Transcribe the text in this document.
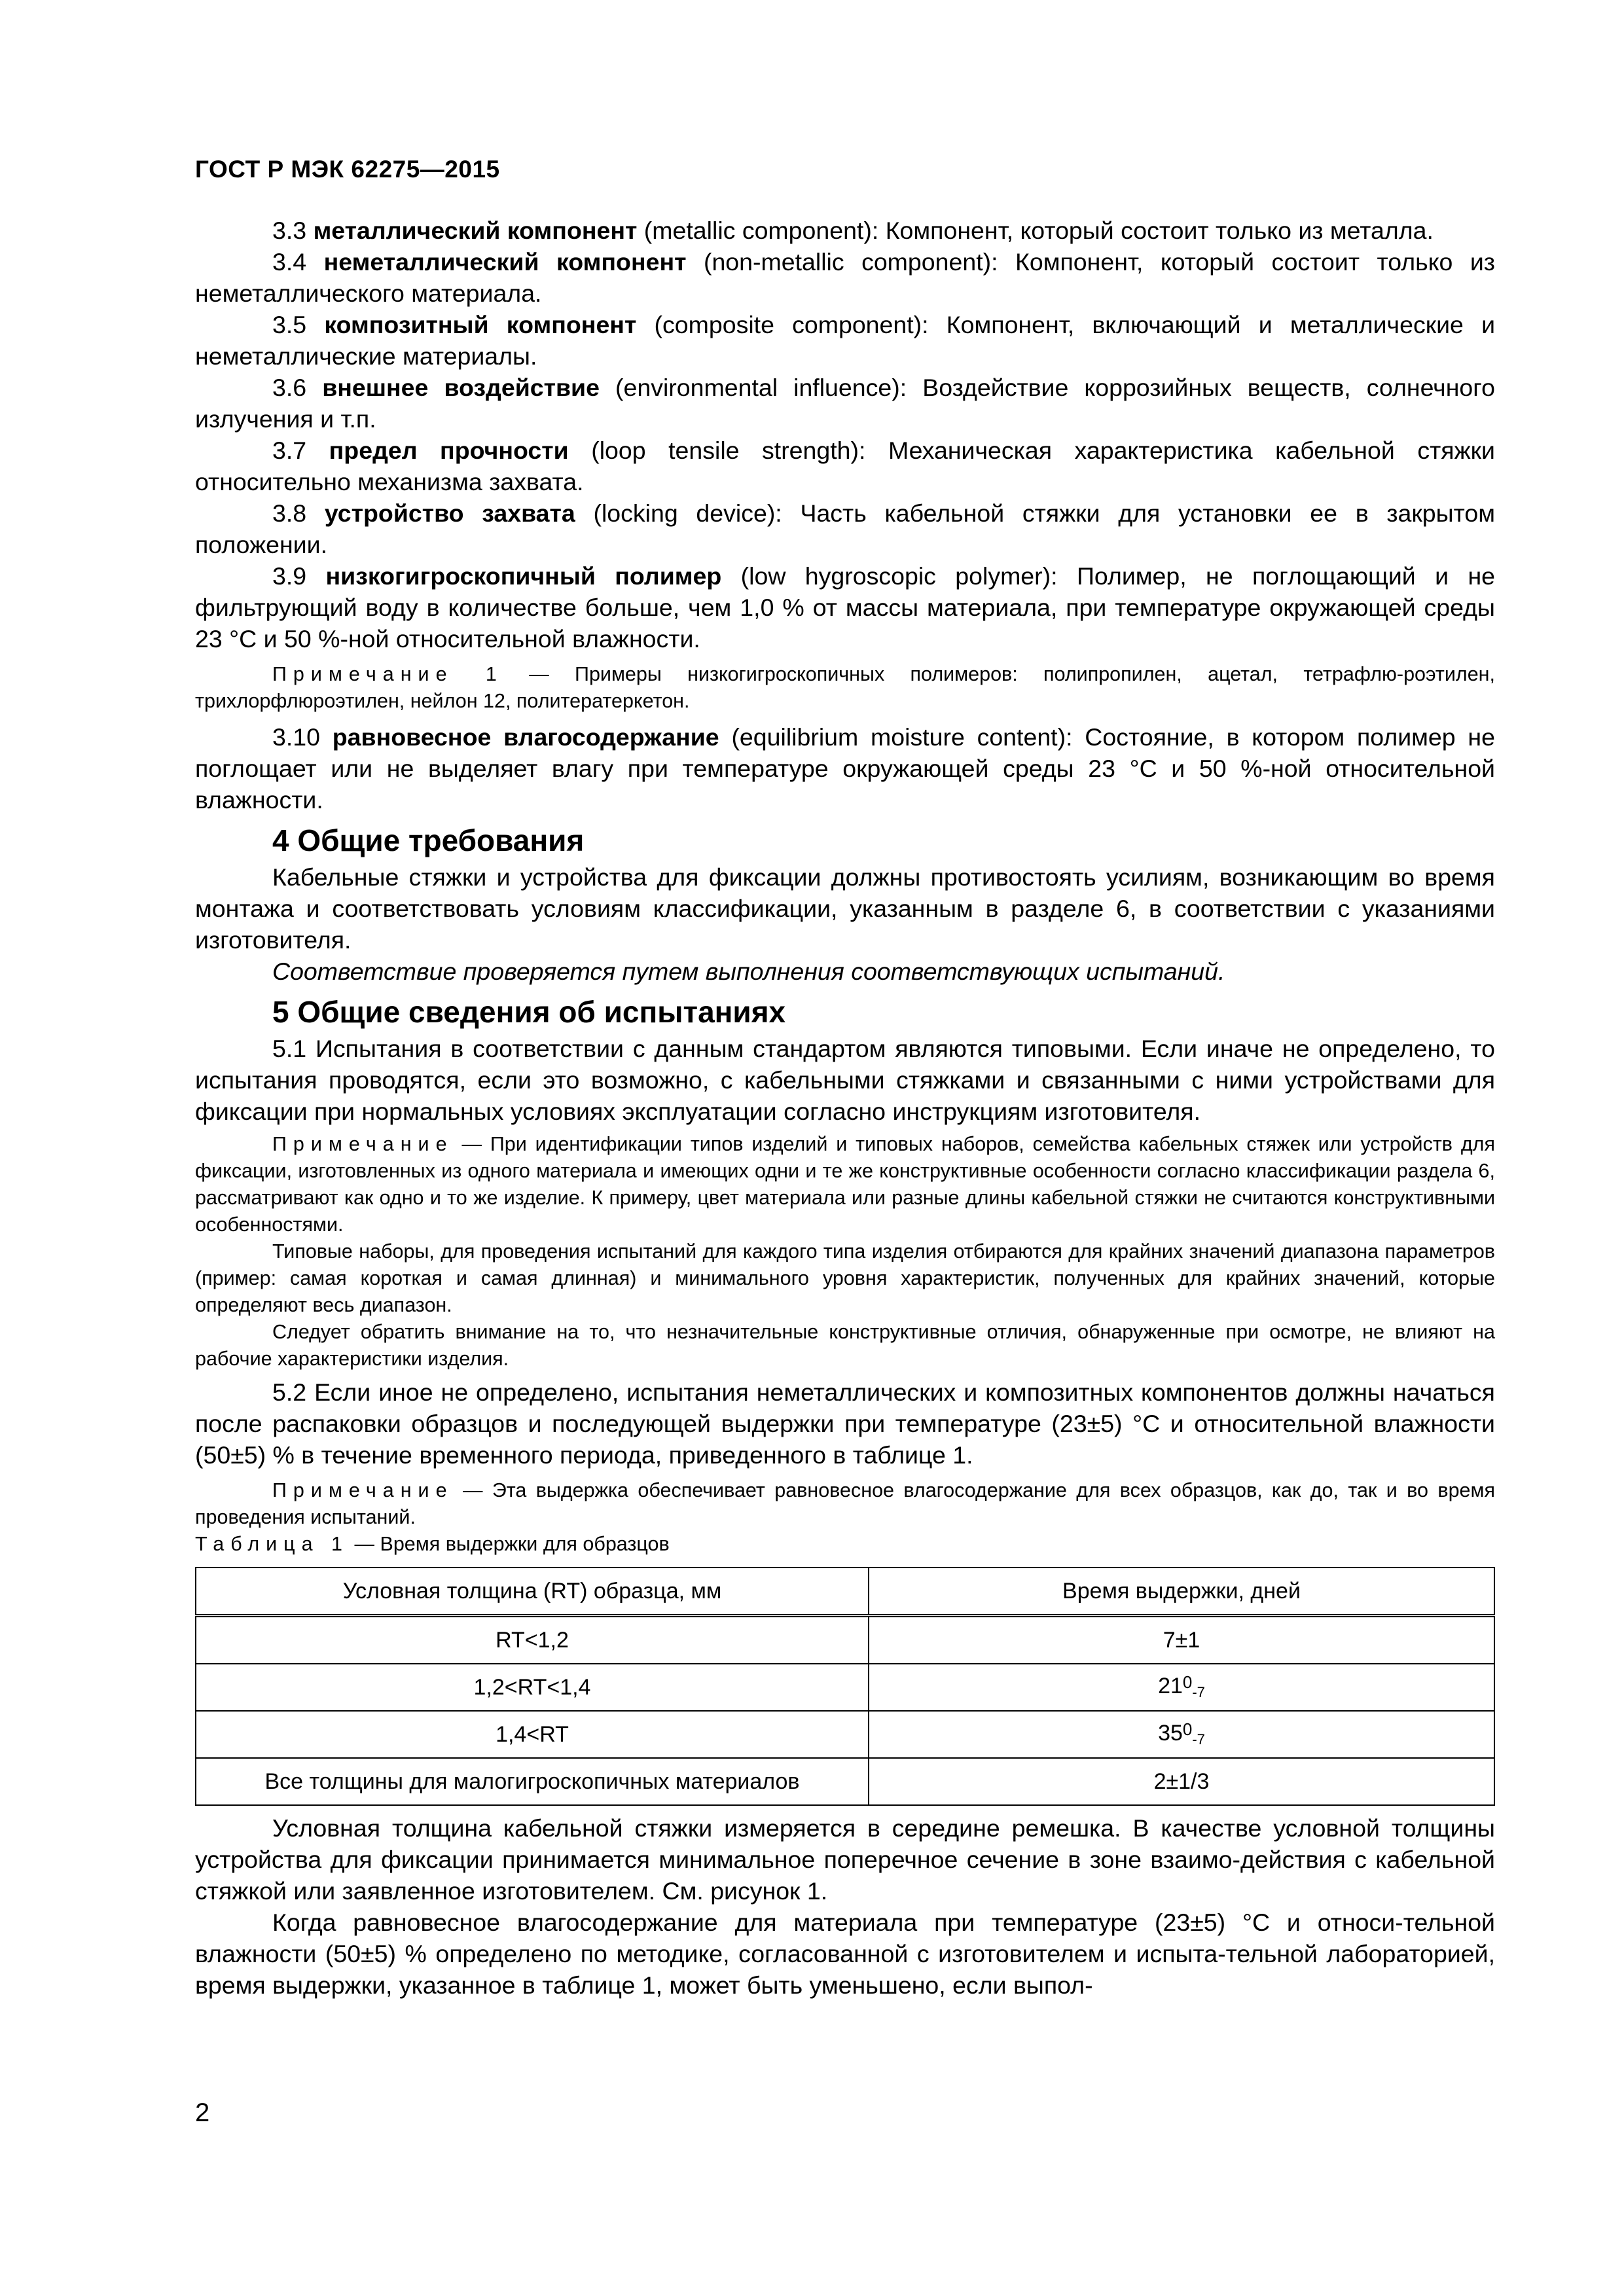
ГОСТ Р МЭК 62275—2015

3.3 металлический компонент (metallic component): Компонент, который состоит только из металла.

3.4 неметаллический компонент (non-metallic component): Компонент, который состоит только из неметаллического материала.

3.5 композитный компонент (composite component): Компонент, включающий и металлические и неметаллические материалы.

3.6 внешнее воздействие (environmental influence): Воздействие коррозийных веществ, солнечного излучения и т.п.

3.7 предел прочности (loop tensile strength): Механическая характеристика кабельной стяжки относительно механизма захвата.

3.8 устройство захвата (locking device): Часть кабельной стяжки для установки ее в закрытом положении.

3.9 низкогигроскопичный полимер (low hygroscopic polymer): Полимер, не поглощающий и не фильтрующий воду в количестве больше, чем 1,0 % от массы материала, при температуре окружающей среды 23 °C и 50 %-ной относительной влажности.

Примечание 1 — Примеры низкогигроскопичных полимеров: полипропилен, ацетал, тетрафлю-роэтилен, трихлорфлюроэтилен, нейлон 12, политератеркетон.

3.10 равновесное влагосодержание (equilibrium moisture content): Состояние, в котором полимер не поглощает или не выделяет влагу при температуре окружающей среды 23 °C и 50 %-ной относительной влажности.

4 Общие требования

Кабельные стяжки и устройства для фиксации должны противостоять усилиям, возникающим во время монтажа и соответствовать условиям классификации, указанным в разделе 6, в соответствии с указаниями изготовителя.

Соответствие проверяется путем выполнения соответствующих испытаний.

5 Общие сведения об испытаниях

5.1 Испытания в соответствии с данным стандартом являются типовыми. Если иначе не определено, то испытания проводятся, если это возможно, с кабельными стяжками и связанными с ними устройствами для фиксации при нормальных условиях эксплуатации согласно инструкциям изготовителя.

Примечание — При идентификации типов изделий и типовых наборов, семейства кабельных стяжек или устройств для фиксации, изготовленных из одного материала и имеющих одни и те же конструктивные особенности согласно классификации раздела 6, рассматривают как одно и то же изделие. К примеру, цвет материала или разные длины кабельной стяжки не считаются конструктивными особенностями.

Типовые наборы, для проведения испытаний для каждого типа изделия отбираются для крайних значений диапазона параметров (пример: самая короткая и самая длинная) и минимального уровня характеристик, полученных для крайних значений, которые определяют весь диапазон.

Следует обратить внимание на то, что незначительные конструктивные отличия, обнаруженные при осмотре, не влияют на рабочие характеристики изделия.

5.2 Если иное не определено, испытания неметаллических и композитных компонентов должны начаться после распаковки образцов и последующей выдержки при температуре (23±5) °C и относительной влажности (50±5) % в течение временного периода, приведенного в таблице 1.

Примечание — Эта выдержка обеспечивает равновесное влагосодержание для всех образцов, как до, так и во время проведения испытаний.

Таблица 1 — Время выдержки для образцов

Условная толщина (RT) образца, мм	Время выдержки, дней
RT<1,2	7±1
1,2<RT<1,4	$21^0_{-7}$
1,4<RT	$35^0_{-7}$
Все толщины для малогигроскопичных материалов	2±1/3

Условная толщина кабельной стяжки измеряется в середине ремешка. В качестве условной толщины устройства для фиксации принимается минимальное поперечное сечение в зоне взаимо-действия с кабельной стяжкой или заявленное изготовителем. См. рисунок 1.

Когда равновесное влагосодержание для материала при температуре (23±5) °C и относи-тельной влажности (50±5) % определено по методике, согласованной с изготовителем и испыта-тельной лабораторией, время выдержки, указанное в таблице 1, может быть уменьшено, если выпол-

2
